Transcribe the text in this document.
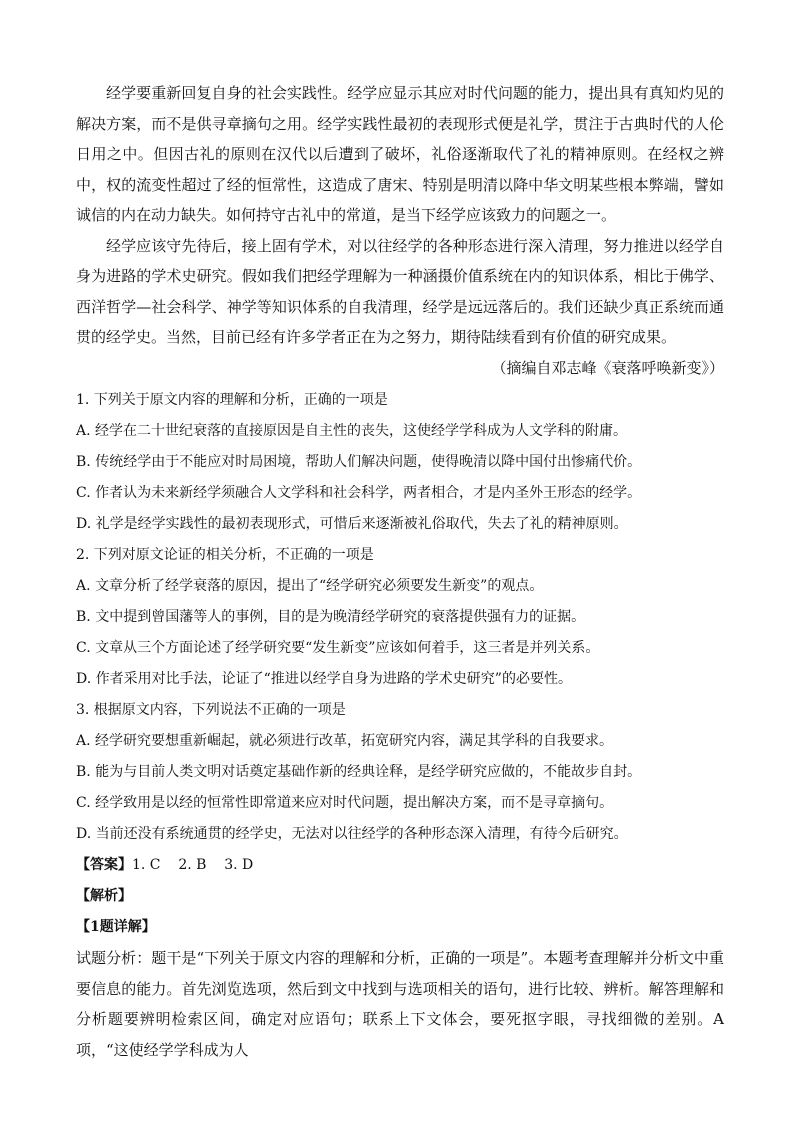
经学要重新回复自身的社会实践性。经学应显示其应对时代问题的能力，提出具有真知灼见的解决方案，而不是供寻章摘句之用。经学实践性最初的表现形式便是礼学，贯注于古典时代的人伦日用之中。但因古礼的原则在汉代以后遭到了破坏，礼俗逐渐取代了礼的精神原则。在经权之辨中，权的流变性超过了经的恒常性，这造成了唐宋、特别是明清以降中华文明某些根本弊端，譬如诚信的内在动力缺失。如何持守古礼中的常道，是当下经学应该致力的问题之一。

经学应该守先待后，接上固有学术，对以往经学的各种形态进行深入清理，努力推进以经学自身为进路的学术史研究。假如我们把经学理解为一种涵摄价值系统在内的知识体系，相比于佛学、西洋哲学—社会科学、神学等知识体系的自我清理，经学是远远落后的。我们还缺少真正系统而通贯的经学史。当然，目前已经有许多学者正在为之努力，期待陆续看到有价值的研究成果。

（摘编自邓志峰《衰落呼唤新变》）

1. 下列关于原文内容的理解和分析，正确的一项是

A. 经学在二十世纪衰落的直接原因是自主性的丧失，这使经学学科成为人文学科的附庸。

B. 传统经学由于不能应对时局困境，帮助人们解决问题，使得晚清以降中国付出惨痛代价。

C. 作者认为未来新经学须融合人文学科和社会科学，两者相合，才是内圣外王形态的经学。

D. 礼学是经学实践性的最初表现形式，可惜后来逐渐被礼俗取代，失去了礼的精神原则。

2. 下列对原文论证的相关分析，不正确的一项是

A. 文章分析了经学衰落的原因，提出了“经学研究必须要发生新变”的观点。

B. 文中提到曾国藩等人的事例，目的是为晚清经学研究的衰落提供强有力的证据。

C. 文章从三个方面论述了经学研究要“发生新变”应该如何着手，这三者是并列关系。

D. 作者采用对比手法，论证了“推进以经学自身为进路的学术史研究”的必要性。

3. 根据原文内容，下列说法不正确的一项是

A. 经学研究要想重新崛起，就必须进行改革，拓宽研究内容，满足其学科的自我要求。

B. 能为与目前人类文明对话奠定基础作新的经典诠释，是经学研究应做的，不能故步自封。

C. 经学致用是以经的恒常性即常道来应对时代问题，提出解决方案，而不是寻章摘句。

D. 当前还没有系统通贯的经学史，无法对以往经学的各种形态深入清理，有待今后研究。

【答案】1. C    2. B    3. D

【解析】

【1题详解】

试题分析：题干是“下列关于原文内容的理解和分析，正确的一项是”。本题考查理解并分析文中重要信息的能力。首先浏览选项，然后到文中找到与选项相关的语句，进行比较、辨析。解答理解和分析题要辨明检索区间，确定对应语句；联系上下文体会，要死抠字眼，寻找细微的差别。A项，“这使经学学科成为人
